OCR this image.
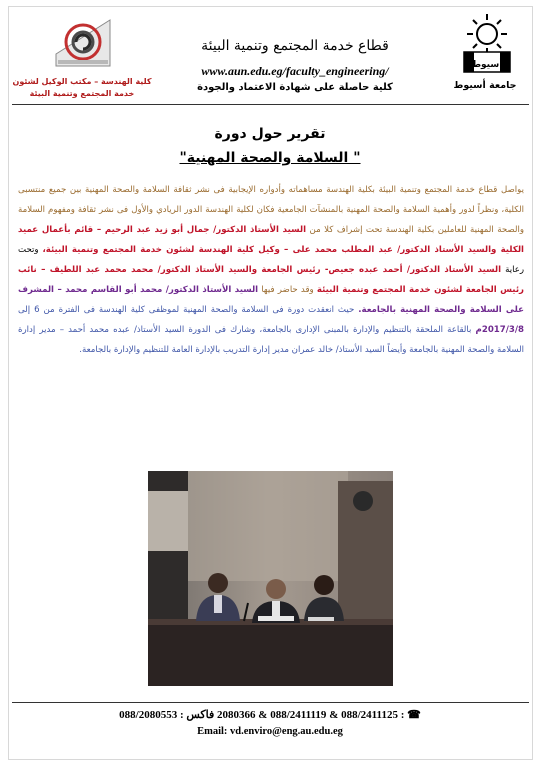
أسيوط
جامعة أسيوط
كلية الهندسة – مكتب الوكيل لشئون
خدمة المجتمع وتنمية البيئة
قطاع خدمة المجتمع وتنمية البيئة
www.aun.edu.eg/faculty_engineering/
كلية حاصلة على شهادة الاعتماد والجودة
تقرير حول دورة
" السلامة والصحة المهنية"
يواصل قطاع خدمة المجتمع وتنمية البيئة بكلية الهندسة مساهماته وأدواره الإيجابية فى نشر ثقافة السلامة والصحة المهنية بين جميع منتسبى الكلية، ونظراً لدور وأهمية السلامة والصحة المهنية بالمنشآت الجامعية فكان لكلية الهندسة الدور الريادي والأول فى نشر ثقافة ومفهوم السلامة والصحة المهنية للعاملين بكلية الهندسة تحت إشراف كلا من السيد الأستاذ الدكتور/ جمال أبو زيد عبد الرحيم – قائم بأعمال عميد الكلية والسيد الأستاذ الدكتور/ عبد المطلب محمد على – وكيل كلية الهندسة لشئون خدمة المجتمع وتنمية البيئة، وتحت رعاية السيد الأستاذ الدكتور/ أحمد عبده جعيص- رئيس الجامعة والسيد الأستاذ الدكتور/ محمد محمد عبد اللطيف – نائب رئيس الجامعة لشئون خدمة المجتمع وتنمية البيئة وقد حاضر فيها السيد الأستاذ الدكتور/ محمد أبو القاسم محمد – المشرف على السلامة والصحة المهنية بالجامعة. حيث انعقدت دورة فى السلامة والصحة المهنية لموظفى كلية الهندسة فى الفترة من 6 إلى 2017/3/8م بالقاعة الملحقة بالتنظيم والإدارة بالمبنى الإدارى بالجامعة، وشارك فى الدورة السيد الأستاذ/ عبده محمد أحمد – مدير إدارة السلامة والصحة المهنية بالجامعة وأيضاً السيد الأستاذ/ خالد عمران مدير إدارة التدريب بالإدارة العامة للتنظيم والإدارة بالجامعة.
☎ : 088/2411125 & 088/2411119 & 2080366 فاكس : 088/2080553
Email: vd.enviro@eng.au.edu.eg
